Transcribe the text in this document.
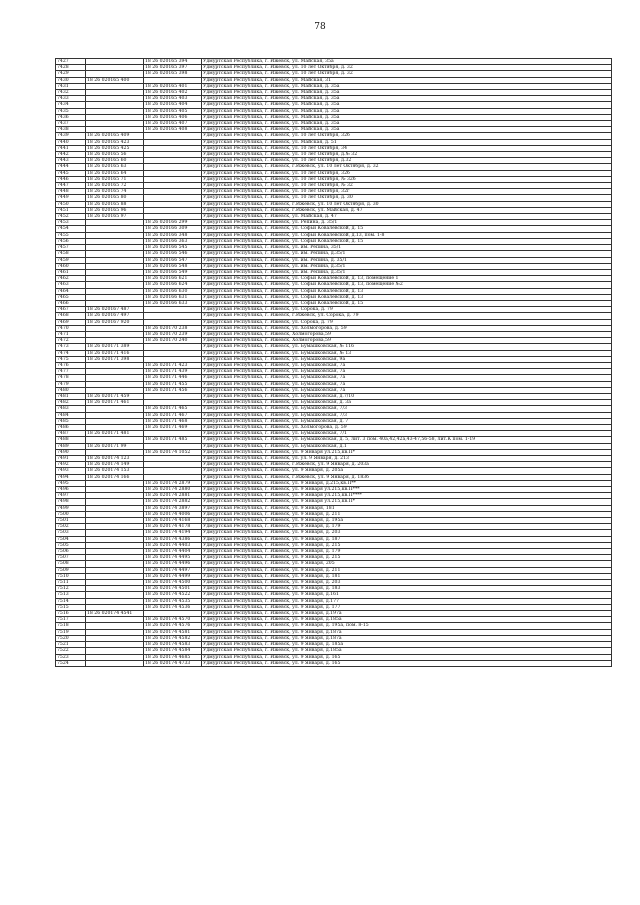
78
7427		18 26 020165 394	Удмуртская Республика, г. Ижевск, ул. Майская, 35а
7428		18 26 020165 397	Удмуртская Республика, г. Ижевск, ул. 10 лет Октября, д. 32
7429		18 26 020165 398	Удмуртская Республика, г. Ижевск, ул. 10 лет Октября, д. 32
7430	18 26 020165 400		Удмуртская Республика, г. Ижевск, ул. Майская, 31
7431		18 26 020165 401	Удмуртская Республика, г. Ижевск, ул. Майская, д. 35а
7432		18 26 020165 402	Удмуртская Республика, г. Ижевск, ул. Майская, д. 35а
7433		18 26 020165 403	Удмуртская Республика, г. Ижевск, ул. Майская, д. 35а
7434		18 26 020165 404	Удмуртская Республика, г. Ижевск, ул. Майская, д. 35а
7435		18 26 020165 405	Удмуртская Республика, г. Ижевск, ул. Майская, д. 35а
7436		18 26 020165 406	Удмуртская Республика, г. Ижевск, ул. Майская, д. 35а
7437		18 26 020165 407	Удмуртская Республика, г. Ижевск, ул. Майская, д. 35а
7438		18 26 020165 408	Удмуртская Республика, г. Ижевск, ул. Майская, д. 35а
7439	18 26 020165 409		Удмуртская Республика, г. Ижевск, ул. 10 лет Октября, 32б
7440	18 26 020165 423		Удмуртская Республика, г. Ижевск, ул. Майская, д. 51
7441	18 26 020165 425		Удмуртская Республика, г. Ижевск, ул. 10 лет Октября, 34
7442	18 26 020165 56		Удмуртская Республика, г. Ижевск, ул. 10 лет Октября, д.№ 32
7443	18 26 020165 60		Удмуртская Республика, г. Ижевск, ул. 10 лет Октября, д.32
7444	18 26 020165 63		Удмуртская Республика, г. Ижевск, г.Ижевск, ул. 10 лет Октября, д. 32
7445	18 26 020165 64		Удмуртская Республика, г. Ижевск, ул. 10 лет Октября, 32б
7446	18 26 020165 71		Удмуртская Республика, г. Ижевск, ул. 10 лет Октября, № 32б
7447	18 26 020165 72		Удмуртская Республика, г. Ижевск, ул. 10 лет Октября, № 32
7448	18 26 020165 74		Удмуртская Республика, г. Ижевск, ул. 10 лет Октября, 32г
7449	18 26 020165 80		Удмуртская Республика, г. Ижевск, ул. 10 лет Октября, д. 30
7450	18 26 020165 88		Удмуртская Республика, г. Ижевск, г.Ижевск, ул. 10 лет Октября, д. 30
7451	18 26 020165 96		Удмуртская Республика, г. Ижевск, г.Ижевск, ул. Майская, д. 47
7452	18 26 020165 97		Удмуртская Республика, г. Ижевск, ул. Майская, д. 47
7453		18 26 020166 299	Удмуртская Республика, г. Ижевск, ул. Репина, д. 35/1
7454		18 26 020166 309	Удмуртская Республика, г. Ижевск, ул. Софьи Ковалевской, д. 15
7455		18 26 020166 348	Удмуртская Республика, г. Ижевск, ул. Софьи Ковалевской, д.13, пом. 1-8
7456		18 26 020166 363	Удмуртская Республика, г. Ижевск, ул. Софьи Ковалевской, д. 15
7457		18 26 020166 545	Удмуртская Республика, г. Ижевск, ул. им. Репина, 35/1
7458		18 26 020166 546	Удмуртская Республика, г. Ижевск, ул. им. Репина, д.35/1
7459		18 26 020166 547	Удмуртская Республика, г. Ижевск, ул. им. Репина, д. 35/1
7460		18 26 020166 548	Удмуртская Республика, г. Ижевск, ул. им. Репина, д.35/1
7461		18 26 020166 549	Удмуртская Республика, г. Ижевск, ул. им. Репина, д.35/1
7462		18 26 020166 621	Удмуртская Республика, г. Ижевск, ул. Софьи Ковалевской, д. 13, помещение 1
7463		18 26 020166 624	Удмуртская Республика, г. Ижевск, ул. Софьи Ковалевской, д. 13, помещение №2
7464		18 26 020166 630	Удмуртская Республика, г. Ижевск, ул. Софьи Ковалевской, д. 13
7465		18 26 020166 631	Удмуртская Республика, г. Ижевск, ул. Софьи Ковалевской, д. 13
7466		18 26 020166 633	Удмуртская Республика, г. Ижевск, ул. Софьи Ковалевской, д. 15
7467	18 26 020167 487		Удмуртская Республика, г. Ижевск, ул. Сорока, д. 79
7468	18 26 020167 497		Удмуртская Республика, г. Ижевск, г.Ижевск, ул. Сорока, д. 79
7469	18 26 020167 920		Удмуртская Республика, г. Ижевск, ул. Сорока, д. 79
7470		18 26 020170 238	Удмуртская Республика, г. Ижевск, ул. Холмогорова, д. 59
7471		18 26 020170 239	Удмуртская Республика, г. Ижевск, Холмогорова,59
7472		18 26 020170 240	Удмуртская Республика, г. Ижевск, Холмогорова,59
7473	18 26 020171 389		Удмуртская Республика, г. Ижевск, ул. Бумашковская, № 116
7474	18 26 020171 416		Удмуртская Республика, г. Ижевск, ул. Бумашковская, № 13
7475	18 26 020171 398		Удмуртская Республика, г. Ижевск, ул. Бумашковская, 9а
7476		18 26 020171 423	Удмуртская Республика, г. Ижевск, ул. Бумашковская, 7а
7477		18 26 020171 439	Удмуртская Республика, г. Ижевск, ул. Бумашковская, 7а
7478		18 26 020171 446	Удмуртская Республика, г. Ижевск, ул. Бумашковская, 7а
7479		18 26 020171 455	Удмуртская Республика, г. Ижевск, ул. Бумашковская, 7а
7480		18 26 020171 456	Удмуртская Республика, г. Ижевск, ул. Бумашковская, 7а
7481	18 26 020171 459		Удмуртская Республика, г. Ижевск, ул. Бумашковская, д.7/10
7482	18 26 020171 461		Удмуртская Республика, г. Ижевск, ул. Бумашковская, д. 3а
7483		18 26 020171 465	Удмуртская Республика, г. Ижевск, ул. Бумашковская, 7/3
7484		18 26 020171 467	Удмуртская Республика, г. Ижевск, ул. Бумашковская, 7/3
7485		18 26 020171 468	Удмуртская Республика, г. Ижевск, ул. Бумашковская, д. 7
7486		18 26 020171 469	Удмуртская Республика, г. Ижевск, ул. Холмогорова, д. 59
7487	18 26 020171 481		Удмуртская Республика, г. Ижевск, ул. Бумашковская, 7/1
7488		18 26 020171 485	Удмуртская Республика, г. Ижевск, ул. Бумашковская, д. 5, лит. 3 пом. 40а,42,42а,43-47,56-58, лит.К пом. 1-19
7489	18 26 020171 99		Удмуртская Республика, г. Ижевск, ул. Бумашковская, д.1
7490		18 26 020174 1052	Удмуртская Республика, г. Ижевск, ул. 9 Января ул.215,кв.П*
7491	18 26 020174 123		Удмуртская Республика, г. Ижевск, ул. ул. 9 Января, д. 213
7492	18 26 020174 149		Удмуртская Республика, г. Ижевск, г.Ижевск, ул. 9 Января, д. 203а
7493	18 26 020174 153		Удмуртская Республика, г. Ижевск, ул. 9 Января, д. 205а
7494	18 26 020174 166		Удмуртская Республика, г. Ижевск, г.Ижевск, ул. 9 Января, д. 183б
7495		18 26 020174 2879	Удмуртская Республика, г. Ижевск, ул. 9 Января, д.215,кв.П**
7496		18 26 020174 2880	Удмуртская Республика, г. Ижевск, ул. 9 Января ул.215,кв.П***
7497		18 26 020174 2881	Удмуртская Республика, г. Ижевск, ул. 9 Января ул.215,кв.П****
7498		18 26 020174 2882	Удмуртская Республика, г. Ижевск, ул. 9 Января ул.215,кв.П*
7499		18 26 020174 3897	Удмуртская Республика, г. Ижевск, ул. 9 Января, 181
7500		18 26 020174 4006	Удмуртская Республика, г. Ижевск, ул. 9 Января, д. 211
7501		18 26 020174 4168	Удмуртская Республика, г. Ижевск, ул. 9 Января, д. 195а
7502		18 26 020174 4178	Удмуртская Республика, г. Ижевск, ул. 9 Января, д. 179
7503		18 26 020174 4194	Удмуртская Республика, г. Ижевск, ул. 9 Января, д. 203
7504		18 26 020174 4386	Удмуртская Республика, г. Ижевск, ул. 9 Января, д. 187
7505		18 26 020174 4403	Удмуртская Республика, г. Ижевск, ул. 9 Января, д. 215
7506		18 26 020174 4404	Удмуртская Республика, г. Ижевск, ул. 9 Января, д. 179
7507		18 26 020174 4495	Удмуртская Республика, г. Ижевск, ул. 9 Января, д. 215
7508		18 26 020174 4496	Удмуртская Республика, г. Ижевск, ул. 9 Января, 205
7509		18 26 020174 4497	Удмуртская Республика, г. Ижевск, ул. 9 Января, д. 211
7510		18 26 020174 4499	Удмуртская Республика, г. Ижевск, ул. 9 Января, д. 181
7511		18 26 020174 4500	Удмуртская Республика, г. Ижевск, ул. 9 Января, д. 203
7512		18 26 020174 4501	Удмуртская Республика, г. Ижевск, ул. 9 Января, д. 183
7513		18 26 020174 4522	Удмуртская Республика, г. Ижевск, ул. 9 Января, д.161
7514		18 26 020174 4535	Удмуртская Республика, г. Ижевск, ул. 9 Января, д.177
7515		18 26 020174 4536	Удмуртская Республика, г. Ижевск, ул. 9 Января, д. 177
7516	18 26 020174 4541		Удмуртская Республика, г. Ижевск, ул. 9 Января, д.197а
7517		18 26 020174 4570	Удмуртская Республика, г. Ижевск, ул. 9 Января, д.185а
7518		18 26 020174 4576	Удмуртская Республика, г. Ижевск, ул. 9 Января, д. 195а, пом. 8-15
7519		18 26 020174 4581	Удмуртская Республика, г. Ижевск, ул. 9 Января, д.187а
7520		18 26 020174 4582	Удмуртская Республика, г. Ижевск, ул. 9 Января, д.187а
7521		18 26 020174 4583	Удмуртская Республика, г. Ижевск, ул. 9 Января, д. 185а
7522		18 26 020174 4584	Удмуртская Республика, г. Ижевск, ул. 9 Января, д.185а
7523		18 26 020174 4685	Удмуртская Республика, г. Ижевск, ул. 9 Января, д. 165
7524		18 26 020174 4733	Удмуртская Республика, г. Ижевск, ул. 9 Января, д. 165
